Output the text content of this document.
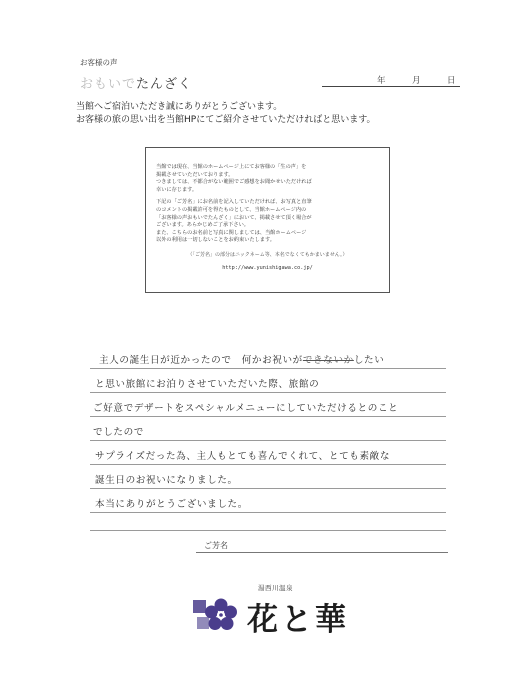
お客様の声
おもいでたんざく	年	月	日
当館へご宿泊いただき誠にありがとうございます。
お客様の旅の思い出を当館HPにてご紹介させていただければと思います。
当館では現在、当館のホームページ上にてお客様の「生の声」を
掲載させていただいております。
つきましては、不都合がない範囲でご感想をお聞かせいただければ
幸いに存じます。
下記の「ご芳名」にお名前を記入していただければ、お写真と直筆
のコメントの掲載許可を得たものとして、当館ホームページ内の
「お客様の声おもいでたんざく」において、掲載させて頂く場合が
ございます。あらかじめご了承下さい。
また、こちらのお名前と写真に関しましては、当館ホームページ
以外の利用は一切しないことをお約束いたします。
（「ご芳名」の部分はニックネーム等、本名でなくてもかまいません。）
http://www.yunishigawa.co.jp/
主人の誕生日が近かったので　何かお祝いができないかしたい
と思い旅館にお泊りさせていただいた際、旅館の
ご好意でデザートをスペシャルメニューにしていただけるとのこと
でしたので
サプライズだった為、主人もとても喜んでくれて、とても素敵な
誕生日のお祝いになりました。
本当にありがとうございました。
ご芳名
湯西川温泉
花と華
